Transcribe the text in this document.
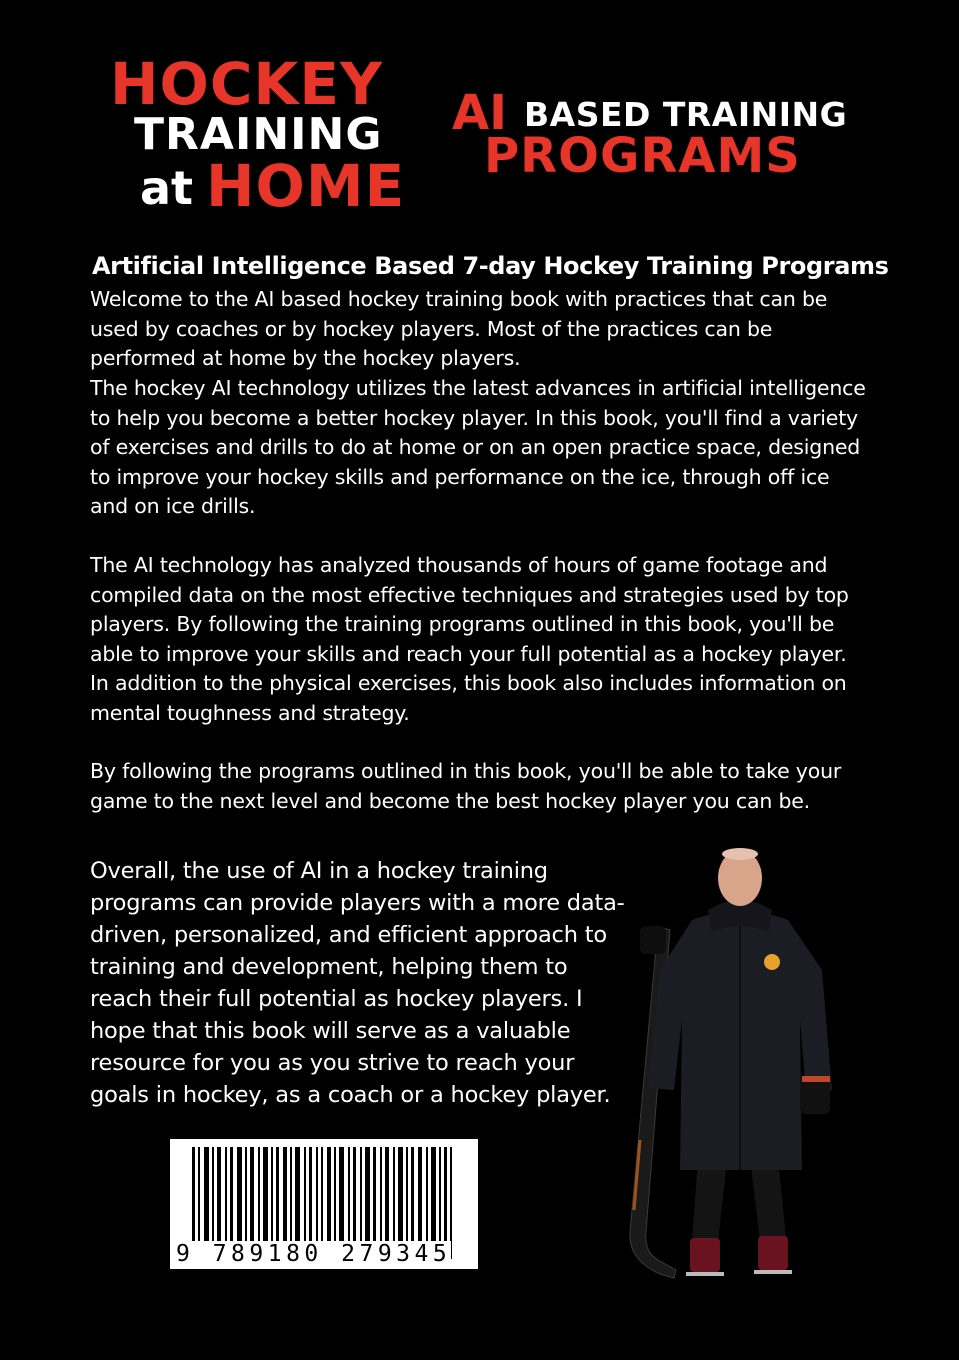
HOCKEY
TRAINING
at HOME
AI BASED TRAINING
PROGRAMS
Artificial Intelligence Based 7-day Hockey Training Programs
Welcome to the AI based hockey training book with practices that can be used by coaches or by hockey players. Most of the practices can be performed at home by the hockey players.
The hockey AI technology utilizes the latest advances in artificial intelligence to help you become a better hockey player. In this book, you'll find a variety of exercises and drills to do at home or on an open practice space, designed to improve your hockey skills and performance on the ice, through off ice and on ice drills.
The AI technology has analyzed thousands of hours of game footage and compiled data on the most effective techniques and strategies used by top players. By following the training programs outlined in this book, you'll be able to improve your skills and reach your full potential as a hockey player. In addition to the physical exercises, this book also includes information on mental toughness and strategy.
By following the programs outlined in this book, you'll be able to take your game to the next level and become the best hockey player you can be.
Overall, the use of AI in a hockey training programs can provide players with a more data-driven, personalized, and efficient approach to training and development, helping them to reach their full potential as hockey players. I hope that this book will serve as a valuable resource for you as you strive to reach your goals in hockey, as a coach or a hockey player.
9 789180 279345
